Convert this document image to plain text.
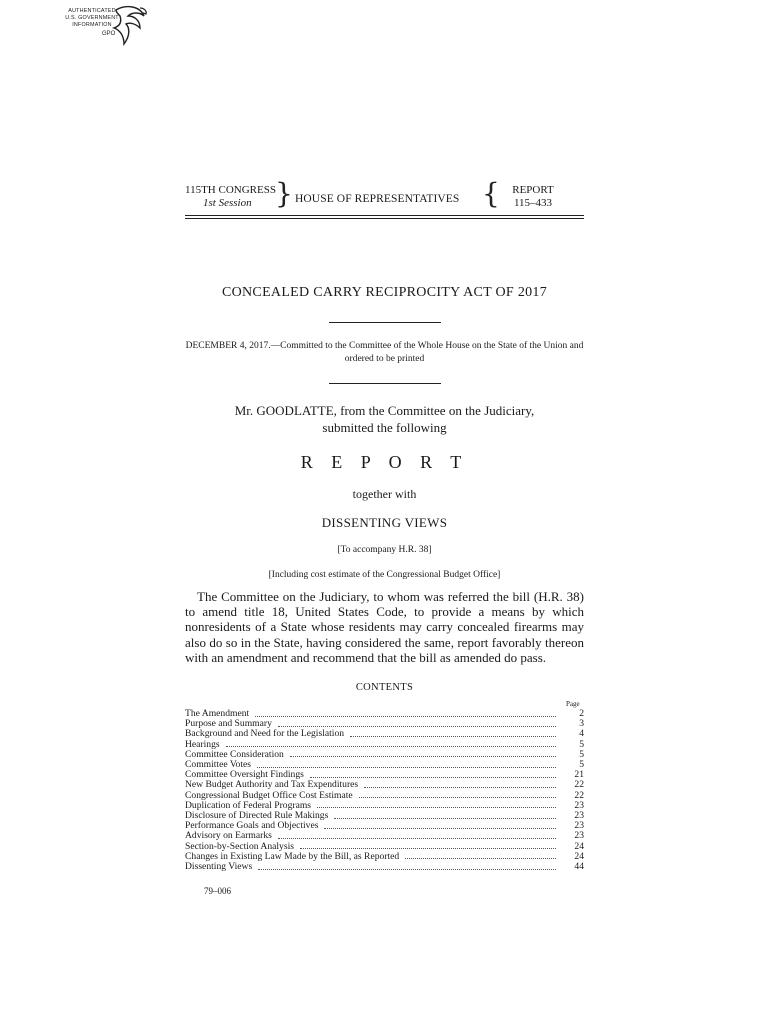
AUTHENTICATED
U.S. GOVERNMENT
INFORMATION
GPO
115TH CONGRESS
1st Session } HOUSE OF REPRESENTATIVES {	REPORT
115–433
CONCEALED CARRY RECIPROCITY ACT OF 2017
DECEMBER 4, 2017.—Committed to the Committee of the Whole House on the State of the Union and ordered to be printed
Mr. GOODLATTE, from the Committee on the Judiciary,
submitted the following
R E P O R T
together with
DISSENTING VIEWS
[To accompany H.R. 38]
[Including cost estimate of the Congressional Budget Office]
The Committee on the Judiciary, to whom was referred the bill (H.R. 38) to amend title 18, United States Code, to provide a means by which nonresidents of a State whose residents may carry concealed firearms may also do so in the State, having considered the same, report favorably thereon with an amendment and recommend that the bill as amended do pass.
CONTENTS
Page
The Amendment	2
Purpose and Summary	3
Background and Need for the Legislation	4
Hearings	5
Committee Consideration	5
Committee Votes	5
Committee Oversight Findings	21
New Budget Authority and Tax Expenditures	22
Congressional Budget Office Cost Estimate	22
Duplication of Federal Programs	23
Disclosure of Directed Rule Makings	23
Performance Goals and Objectives	23
Advisory on Earmarks	23
Section-by-Section Analysis	24
Changes in Existing Law Made by the Bill, as Reported	24
Dissenting Views	44
79–006
